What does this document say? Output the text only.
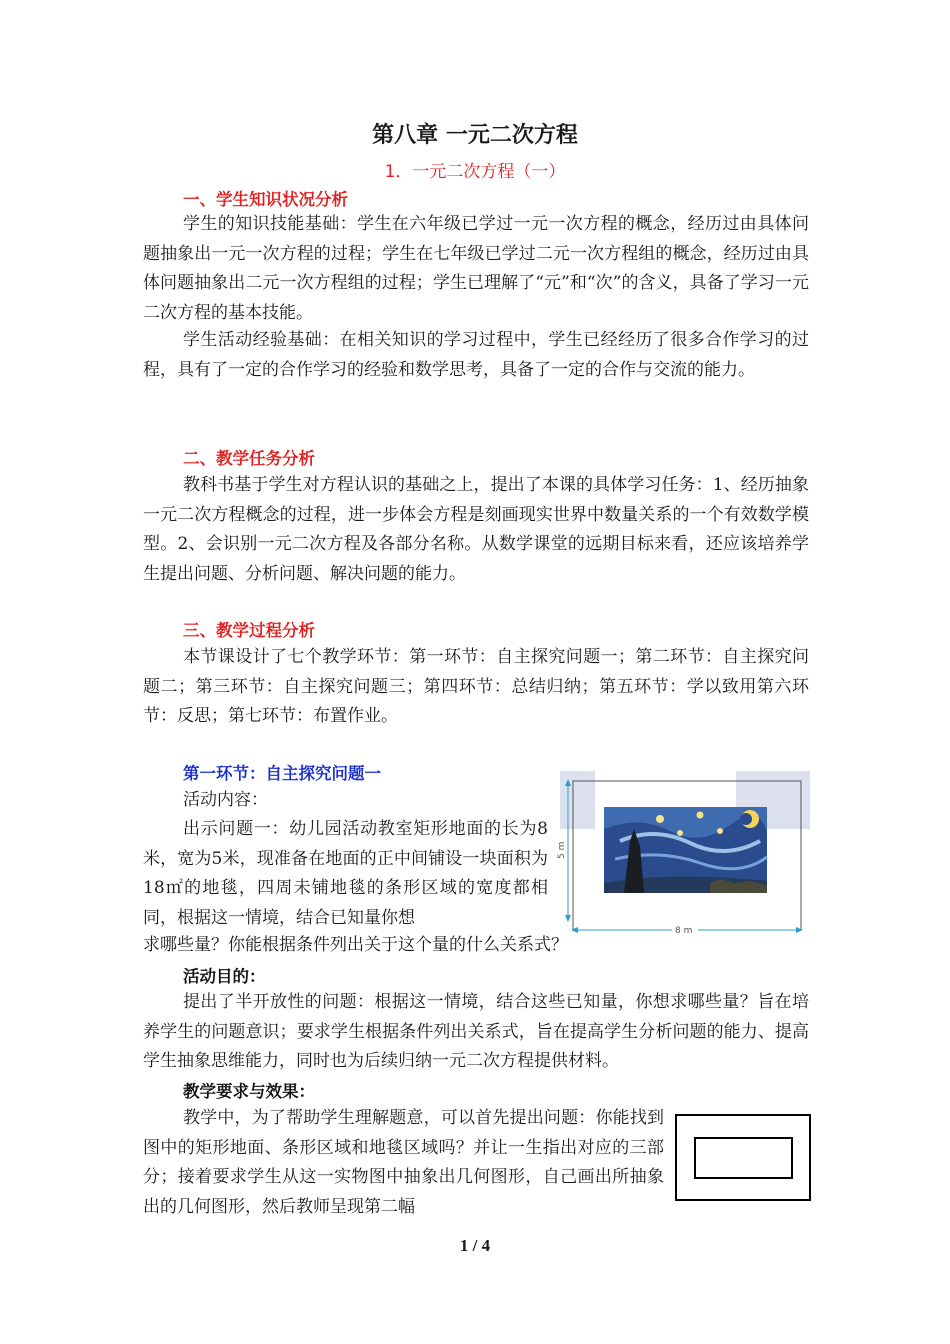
第八章 一元二次方程
1．一元二次方程（一）
一、学生知识状况分析

学生的知识技能基础：学生在六年级已学过一元一次方程的概念，经历过由具体问题抽象出一元一次方程的过程；学生在七年级已学过二元一次方程组的概念，经历过由具体问题抽象出二元一次方程组的过程；学生已理解了“元”和“次”的含义，具备了学习一元二次方程的基本技能。

学生活动经验基础：在相关知识的学习过程中，学生已经经历了很多合作学习的过程，具有了一定的合作学习的经验和数学思考，具备了一定的合作与交流的能力。

二、教学任务分析

教科书基于学生对方程认识的基础之上，提出了本课的具体学习任务：1、经历抽象一元二次方程概念的过程，进一步体会方程是刻画现实世界中数量关系的一个有效数学模型。2、会识别一元二次方程及各部分名称。从数学课堂的远期目标来看，还应该培养学生提出问题、分析问题、解决问题的能力。

三、教学过程分析

本节课设计了七个教学环节：第一环节：自主探究问题一；第二环节：自主探究问题二；第三环节：自主探究问题三；第四环节：总结归纳；第五环节：学以致用第六环节：反思；第七环节：布置作业。

第一环节：自主探究问题一
活动内容：

出示问题一：幼儿园活动教室矩形地面的长为8米，宽为5米，现准备在地面的正中间铺设一块面积为18㎡的地毯，四周未铺地毯的条形区域的宽度都相同，根据这一情境，结合已知量你想

求哪些量？你能根据条件列出关于这个量的什么关系式？
5 m
8 m
活动目的：

提出了半开放性的问题：根据这一情境，结合这些已知量，你想求哪些量？旨在培养学生的问题意识；要求学生根据条件列出关系式，旨在提高学生分析问题的能力、提高学生抽象思维能力，同时也为后续归纳一元二次方程提供材料。

教学要求与效果：

教学中，为了帮助学生理解题意，可以首先提出问题：你能找到图中的矩形地面、条形区域和地毯区域吗？并让一生指出对应的三部分；接着要求学生从这一实物图中抽象出几何图形，自己画出所抽象出的几何图形，然后教师呈现第二幅

1 / 4
